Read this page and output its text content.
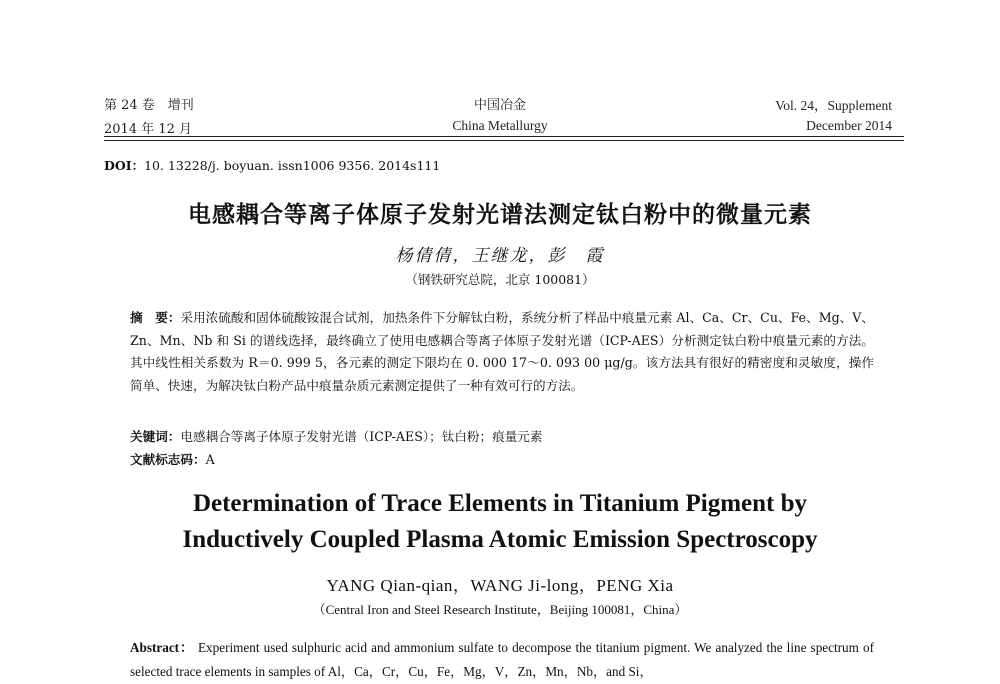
第 24 卷　增刊
2014 年 12 月
中国冶金
China Metallurgy
Vol. 24，Supplement
December 2014
DOI：10. 13228/j. boyuan. issn1006 9356. 2014s111
电感耦合等离子体原子发射光谱法测定钛白粉中的微量元素
杨倩倩，王继龙，彭　霞
（钢铁研究总院，北京 100081）
摘　要：采用浓硫酸和固体硫酸铵混合试剂，加热条件下分解钛白粉，系统分析了样品中痕量元素 Al、Ca、Cr、Cu、Fe、Mg、V、Zn、Mn、Nb 和 Si 的谱线选择，最终确立了使用电感耦合等离子体原子发射光谱（ICP-AES）分析测定钛白粉中痕量元素的方法。其中线性相关系数为 R＝0. 999 5，各元素的测定下限均在 0. 000 17～0. 093 00 μg/g。该方法具有很好的精密度和灵敏度，操作简单、快速，为解决钛白粉产品中痕量杂质元素测定提供了一种有效可行的方法。
关键词：电感耦合等离子体原子发射光谱（ICP-AES）；钛白粉；痕量元素
文献标志码：A
Determination of Trace Elements in Titanium Pigment by
Inductively Coupled Plasma Atomic Emission Spectroscopy
YANG Qian-qian，WANG Ji-long，PENG Xia
（Central Iron and Steel Research Institute，Beijing 100081，China）
Abstract： Experiment used sulphuric acid and ammonium sulfate to decompose the titanium pigment. We analyzed the line spectrum of selected trace elements in samples of Al，Ca，Cr，Cu，Fe，Mg，V，Zn，Mn，Nb，and Si，
